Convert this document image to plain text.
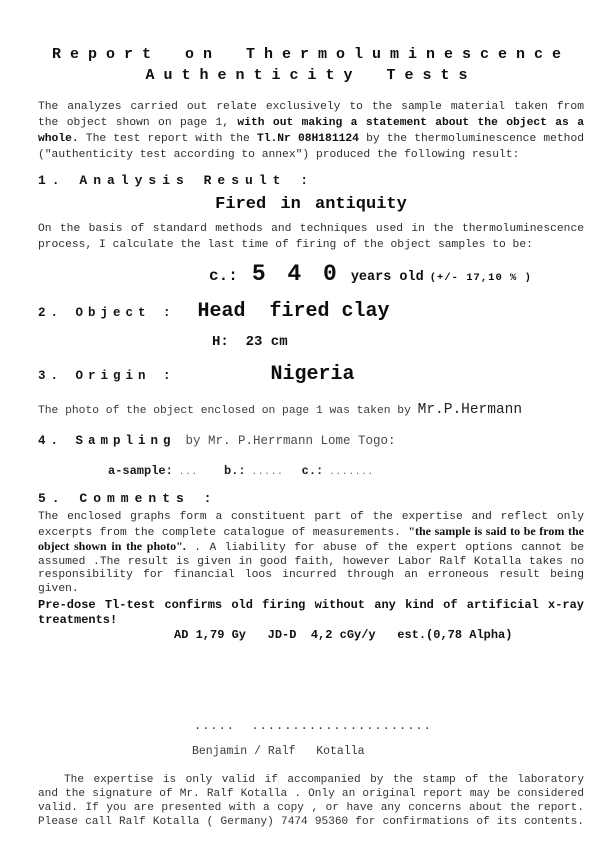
Report on Thermoluminescence
Authenticity Tests

The analyzes carried out relate exclusively to the sample material taken from the object shown on page 1, with out making a statement about the object as a whole. The test report with the Tl.Nr 08H181124 by the thermoluminescence method ("authenticity test according to annex") produced the following result:

1. Analysis Result :
Fired in antiquity

On the basis of standard methods and techniques used in the thermoluminescence process, I calculate the last time of firing of the object samples to be:

c.: 5 4 0 years old (+/- 17,10 % )
2. Object : Head  fired clay
H:  23 cm
3. Origin :	Nigeria
The photo of the object enclosed on page 1 was taken by Mr.P.Hermann
4. Sampling by Mr. P.Herrmann Lome Togo:
a-sample: ... b.: ..... c.: .......
5. Comments :

The enclosed graphs form a constituent part of the expertise and reflect only excerpts from the complete catalogue of measurements. "the sample is said to be from the object shown in the photo". . A liability for abuse of the expert options cannot be assumed .The result is given in good faith, however Labor Ralf Kotalla takes no responsibility for financial loos incurred through an erroneous result being given.

Pre-dose Tl-test confirms old firing without any kind of artificial x-ray treatments!

AD 1,79 Gy   JD-D  4,2 cGy/y   est.(0,78 Alpha)
.....  ......................
Benjamin / Ralf   Kotalla
The expertise is only valid if accompanied by the stamp of the laboratory
and the signature of Mr. Ralf Kotalla . Only an original report may be considered
valid. If you are presented with a copy , or have any concerns about the report.
Please call Ralf Kotalla ( Germany) 7474 95360 for confirmations of its contents.
